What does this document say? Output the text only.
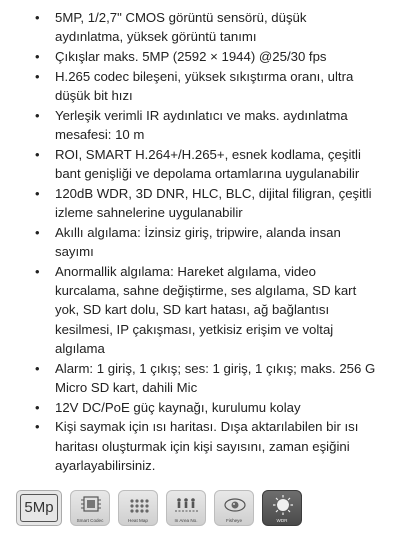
• 5MP, 1/2,7" CMOS görüntü sensörü, düşük aydınlatma, yüksek görüntü tanımı
• Çıkışlar maks. 5MP (2592 × 1944) @25/30 fps
• H.265 codec bileşeni, yüksek sıkıştırma oranı, ultra düşük bit hızı
• Yerleşik verimli IR aydınlatıcı ve maks. aydınlatma mesafesi: 10 m
• ROI, SMART H.264+/H.265+, esnek kodlama, çeşitli bant genişliği ve depolama ortamlarına uygulanabilir
• 120dB WDR, 3D DNR, HLC, BLC, dijital filigran, çeşitli izleme sahnelerine uygulanabilir
• Akıllı algılama: İzinsiz giriş, tripwire, alanda insan sayımı
• Anormallik algılama: Hareket algılama, video kurcalama, sahne değiştirme, ses algılama, SD kart yok, SD kart dolu, SD kart hatası, ağ bağlantısı kesilmesi, IP çakışması, yetkisiz erişim ve voltaj algılama
• Alarm: 1 giriş, 1 çıkış; ses: 1 giriş, 1 çıkış; maks. 256 G Micro SD kart, dahili Mic
• 12V DC/PoE güç kaynağı, kurulumu kolay
• Kişi saymak için ısı haritası. Dışa aktarılabilen bir ısı haritası oluşturmak için kişi sayısını, zaman eşiğini ayarlayabilirsiniz.
5Mp
Smart Codec	Heat Map	In Area No.	Fisheye	WDR
